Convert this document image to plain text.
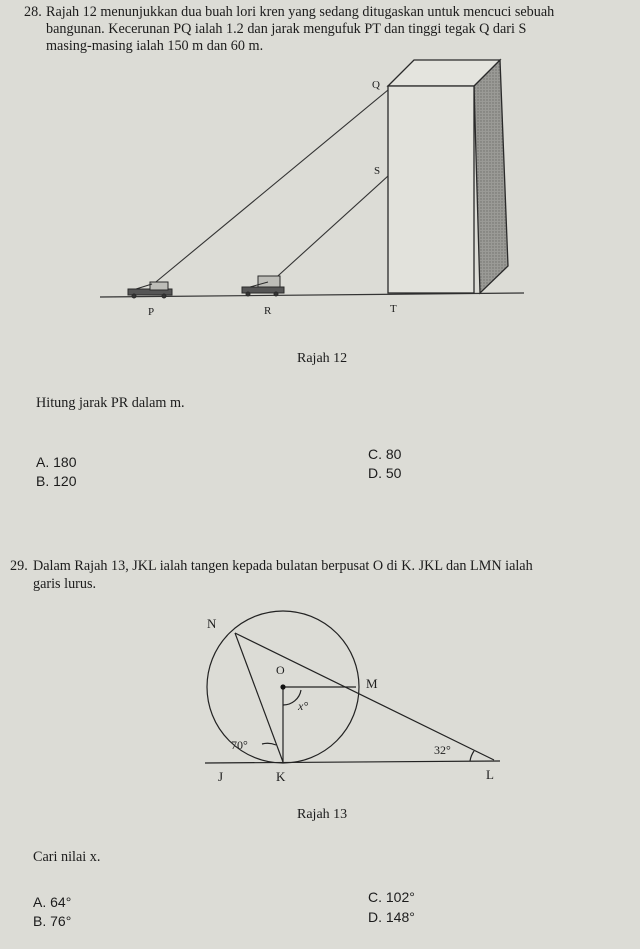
28. Rajah 12 menunjukkan dua buah lori kren yang sedang ditugaskan untuk mencuci sebuah
bangunan. Kecerunan PQ ialah 1.2 dan jarak mengufuk PT dan tinggi tegak Q dari S
masing-masing ialah 150 m dan 60 m.
Q
S
P	R	T
Rajah 12
Hitung jarak PR dalam m.
A. 180
B. 120
C. 80
D. 50
29. Dalam Rajah 13, JKL ialah tangen kepada bulatan berpusat O di K. JKL dan LMN ialah
garis lurus.
N
O
M
x°
70°	32°
J	K	L
Rajah 13
Cari nilai x.
A. 64°
B. 76°
C. 102°
D. 148°
